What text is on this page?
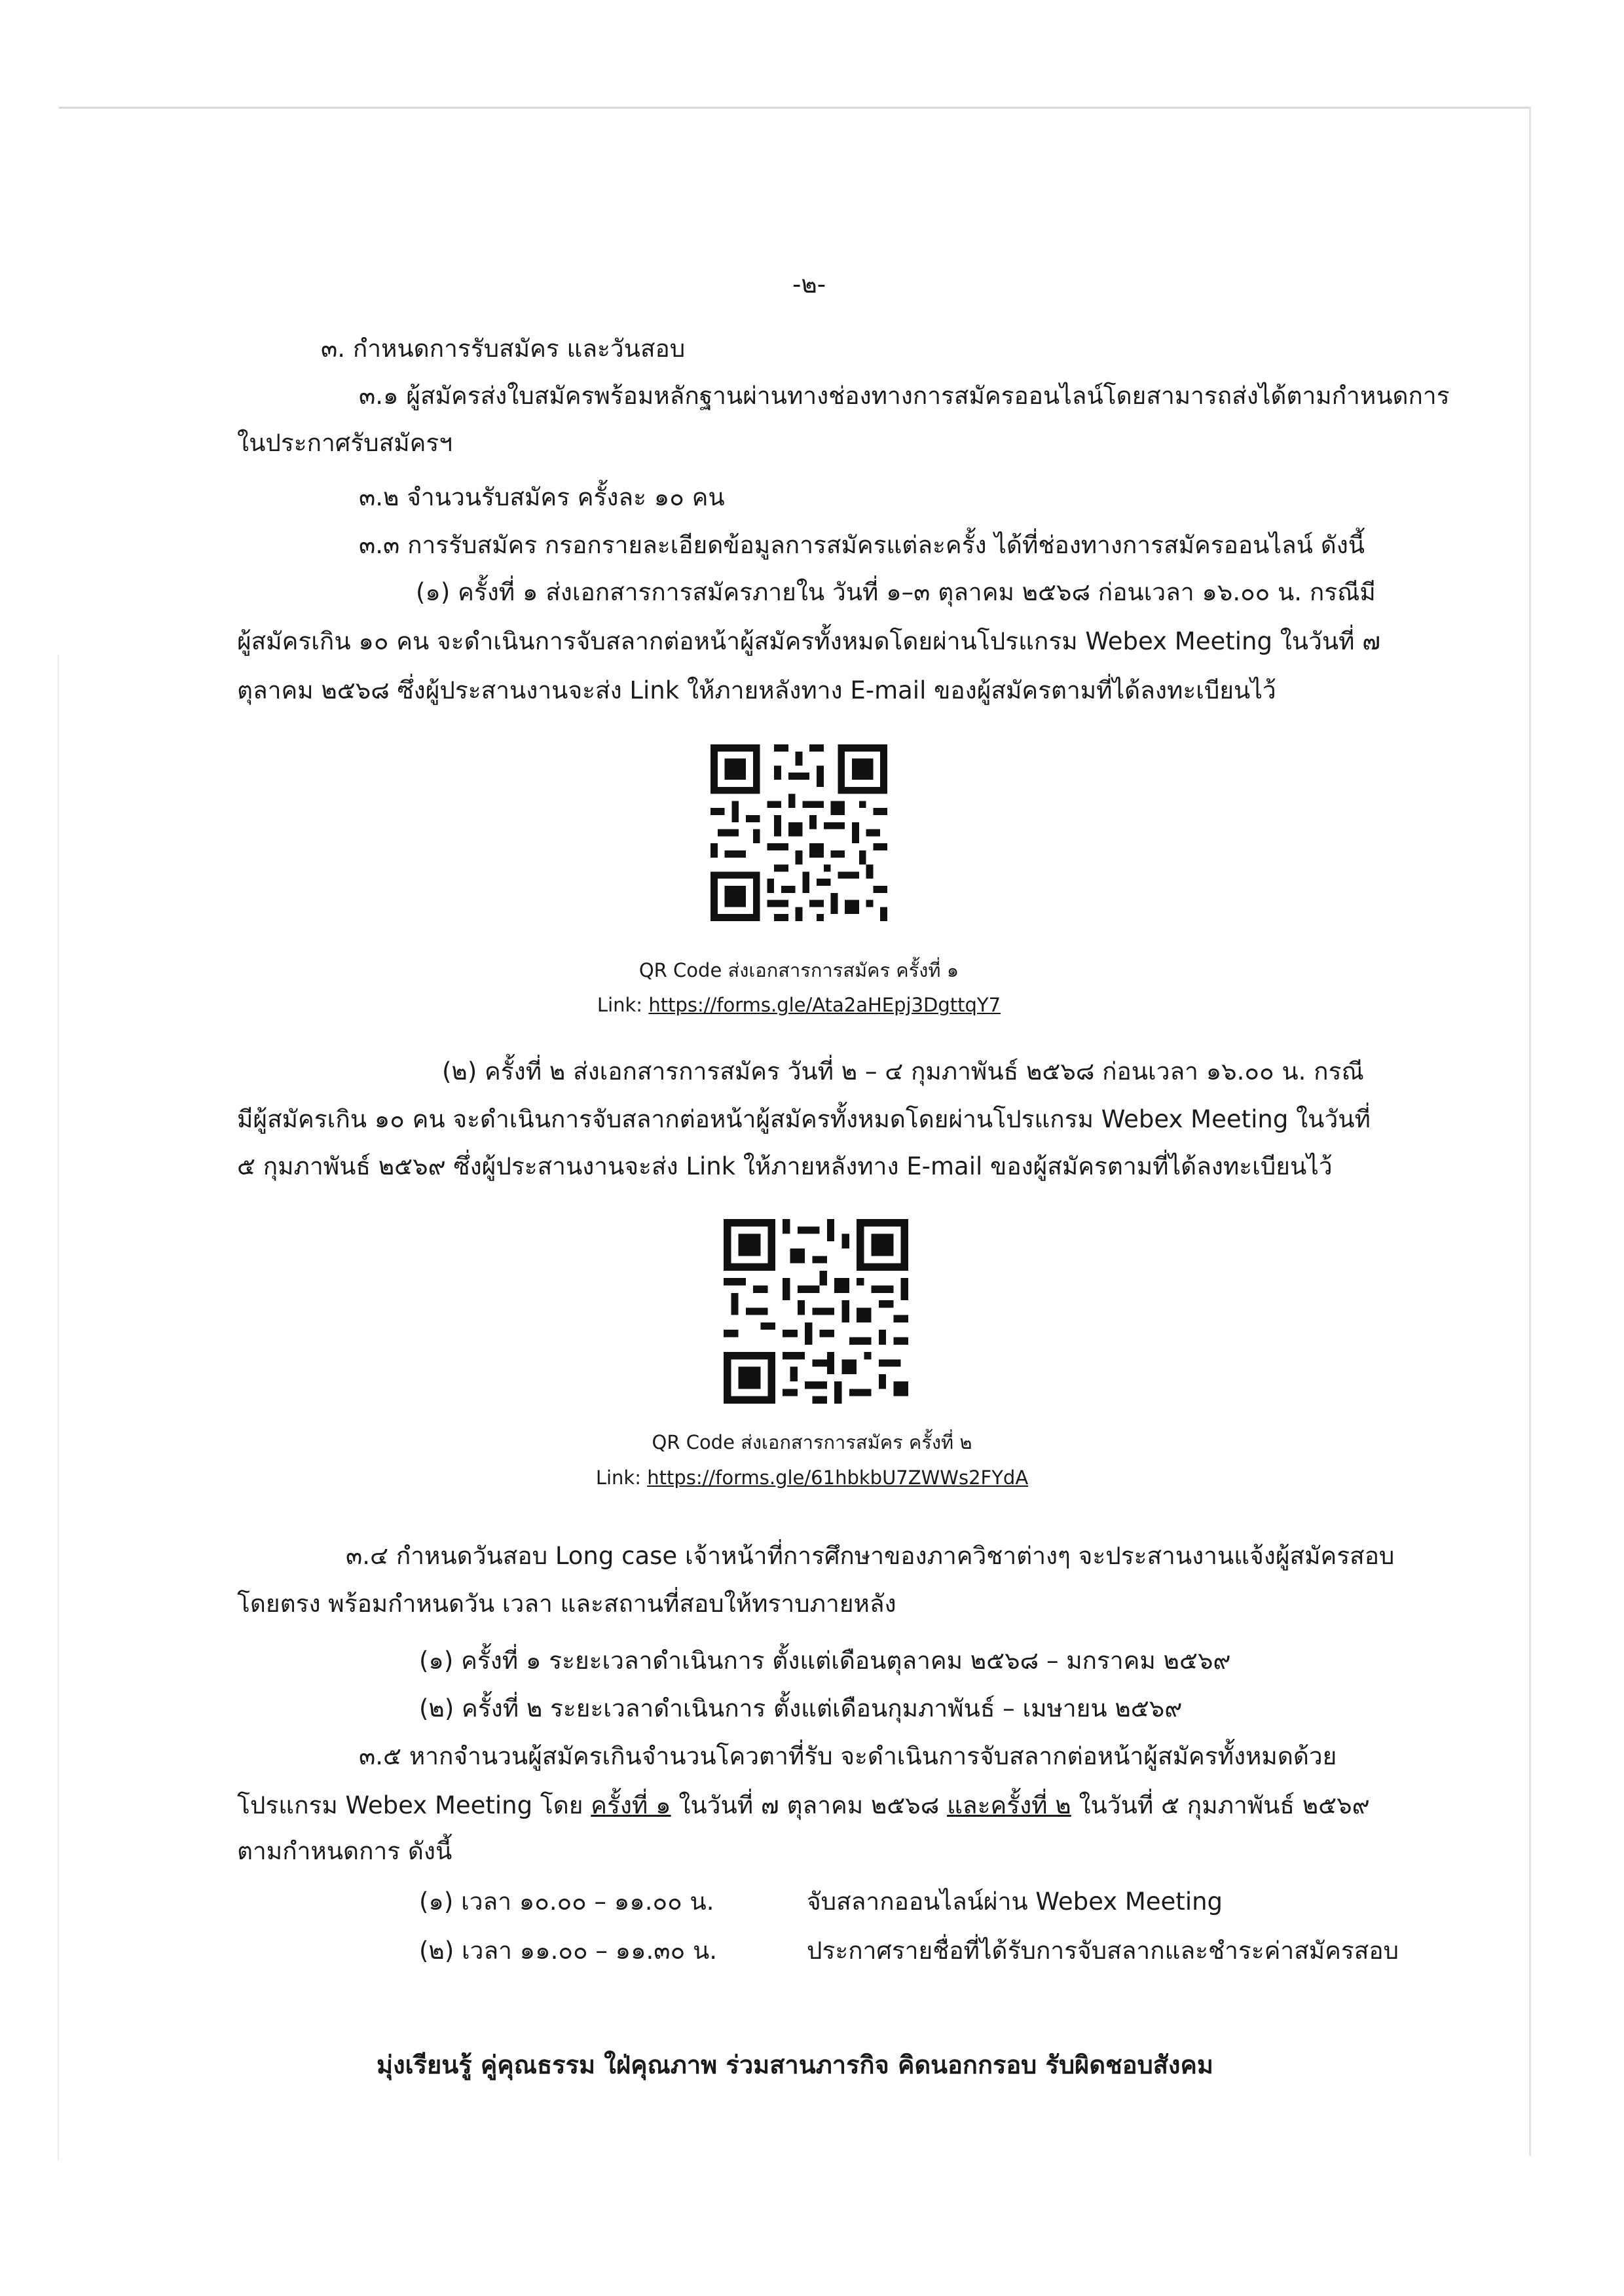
-๒-
๓. กำหนดการรับสมัคร และวันสอบ
๓.๑ ผู้สมัครส่งใบสมัครพร้อมหลักฐานผ่านทางช่องทางการสมัครออนไลน์โดยสามารถส่งได้ตามกำหนดการ
ในประกาศรับสมัครฯ
๓.๒ จำนวนรับสมัคร ครั้งละ ๑๐ คน
๓.๓ การรับสมัคร กรอกรายละเอียดข้อมูลการสมัครแต่ละครั้ง ได้ที่ช่องทางการสมัครออนไลน์ ดังนี้
(๑) ครั้งที่ ๑ ส่งเอกสารการสมัครภายใน วันที่ ๑–๓ ตุลาคม ๒๕๖๘ ก่อนเวลา ๑๖.๐๐ น. กรณีมี
ผู้สมัครเกิน ๑๐ คน จะดำเนินการจับสลากต่อหน้าผู้สมัครทั้งหมดโดยผ่านโปรแกรม Webex Meeting ในวันที่ ๗
ตุลาคม ๒๕๖๘ ซึ่งผู้ประสานงานจะส่ง Link ให้ภายหลังทาง E-mail ของผู้สมัครตามที่ได้ลงทะเบียนไว้
QR Code ส่งเอกสารการสมัคร ครั้งที่ ๑
Link: https://forms.gle/Ata2aHEpj3DgttqY7
(๒) ครั้งที่ ๒ ส่งเอกสารการสมัคร วันที่ ๒ – ๔ กุมภาพันธ์ ๒๕๖๘ ก่อนเวลา ๑๖.๐๐ น. กรณี
มีผู้สมัครเกิน ๑๐ คน จะดำเนินการจับสลากต่อหน้าผู้สมัครทั้งหมดโดยผ่านโปรแกรม Webex Meeting ในวันที่
๕ กุมภาพันธ์ ๒๕๖๙ ซึ่งผู้ประสานงานจะส่ง Link ให้ภายหลังทาง E-mail ของผู้สมัครตามที่ได้ลงทะเบียนไว้
QR Code ส่งเอกสารการสมัคร ครั้งที่ ๒
Link: https://forms.gle/61hbkbU7ZWWs2FYdA
๓.๔ กำหนดวันสอบ Long case เจ้าหน้าที่การศึกษาของภาควิชาต่างๆ จะประสานงานแจ้งผู้สมัครสอบ
โดยตรง พร้อมกำหนดวัน เวลา และสถานที่สอบให้ทราบภายหลัง
(๑) ครั้งที่ ๑ ระยะเวลาดำเนินการ ตั้งแต่เดือนตุลาคม ๒๕๖๘ – มกราคม ๒๕๖๙
(๒) ครั้งที่ ๒ ระยะเวลาดำเนินการ ตั้งแต่เดือนกุมภาพันธ์ – เมษายน ๒๕๖๙
๓.๕ หากจำนวนผู้สมัครเกินจำนวนโควตาที่รับ จะดำเนินการจับสลากต่อหน้าผู้สมัครทั้งหมดด้วย
โปรแกรม Webex Meeting โดย ครั้งที่ ๑ ในวันที่ ๗ ตุลาคม ๒๕๖๘ และครั้งที่ ๒ ในวันที่ ๕ กุมภาพันธ์ ๒๕๖๙
ตามกำหนดการ ดังนี้
(๑) เวลา ๑๐.๐๐ – ๑๑.๐๐ น.	จับสลากออนไลน์ผ่าน Webex Meeting
(๒) เวลา ๑๑.๐๐ – ๑๑.๓๐ น.	ประกาศรายชื่อที่ได้รับการจับสลากและชำระค่าสมัครสอบ
มุ่งเรียนรู้ คู่คุณธรรม ใฝ่คุณภาพ ร่วมสานภารกิจ คิดนอกกรอบ รับผิดชอบสังคม
